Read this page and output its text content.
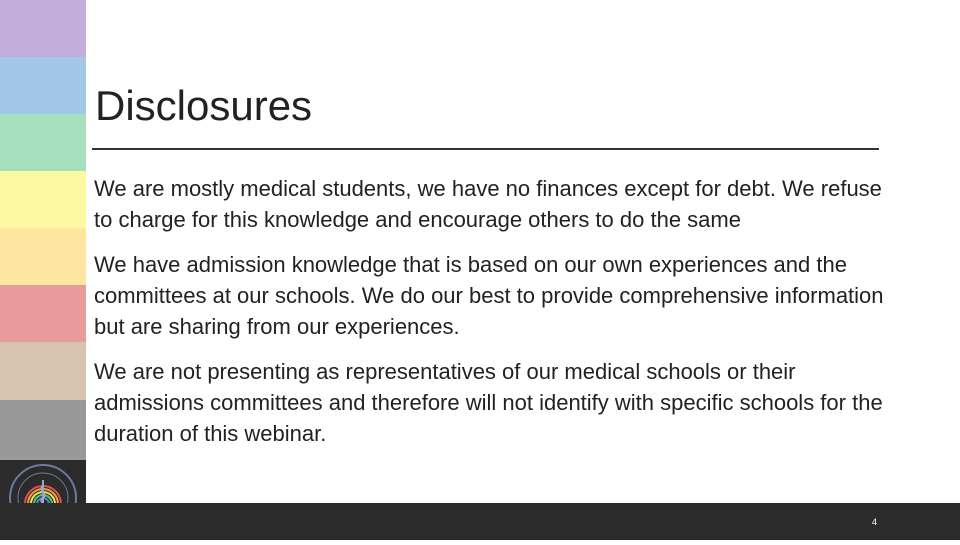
Disclosures

We are mostly medical students, we have no finances except for debt. We refuse to charge for this knowledge and encourage others to do the same

We have admission knowledge that is based on our own experiences and the committees at our schools. We do our best to provide comprehensive information but are sharing from our experiences.

We are not presenting as representatives of our medical schools or their admissions committees and therefore will not identify with specific schools for the duration of this webinar.

4
